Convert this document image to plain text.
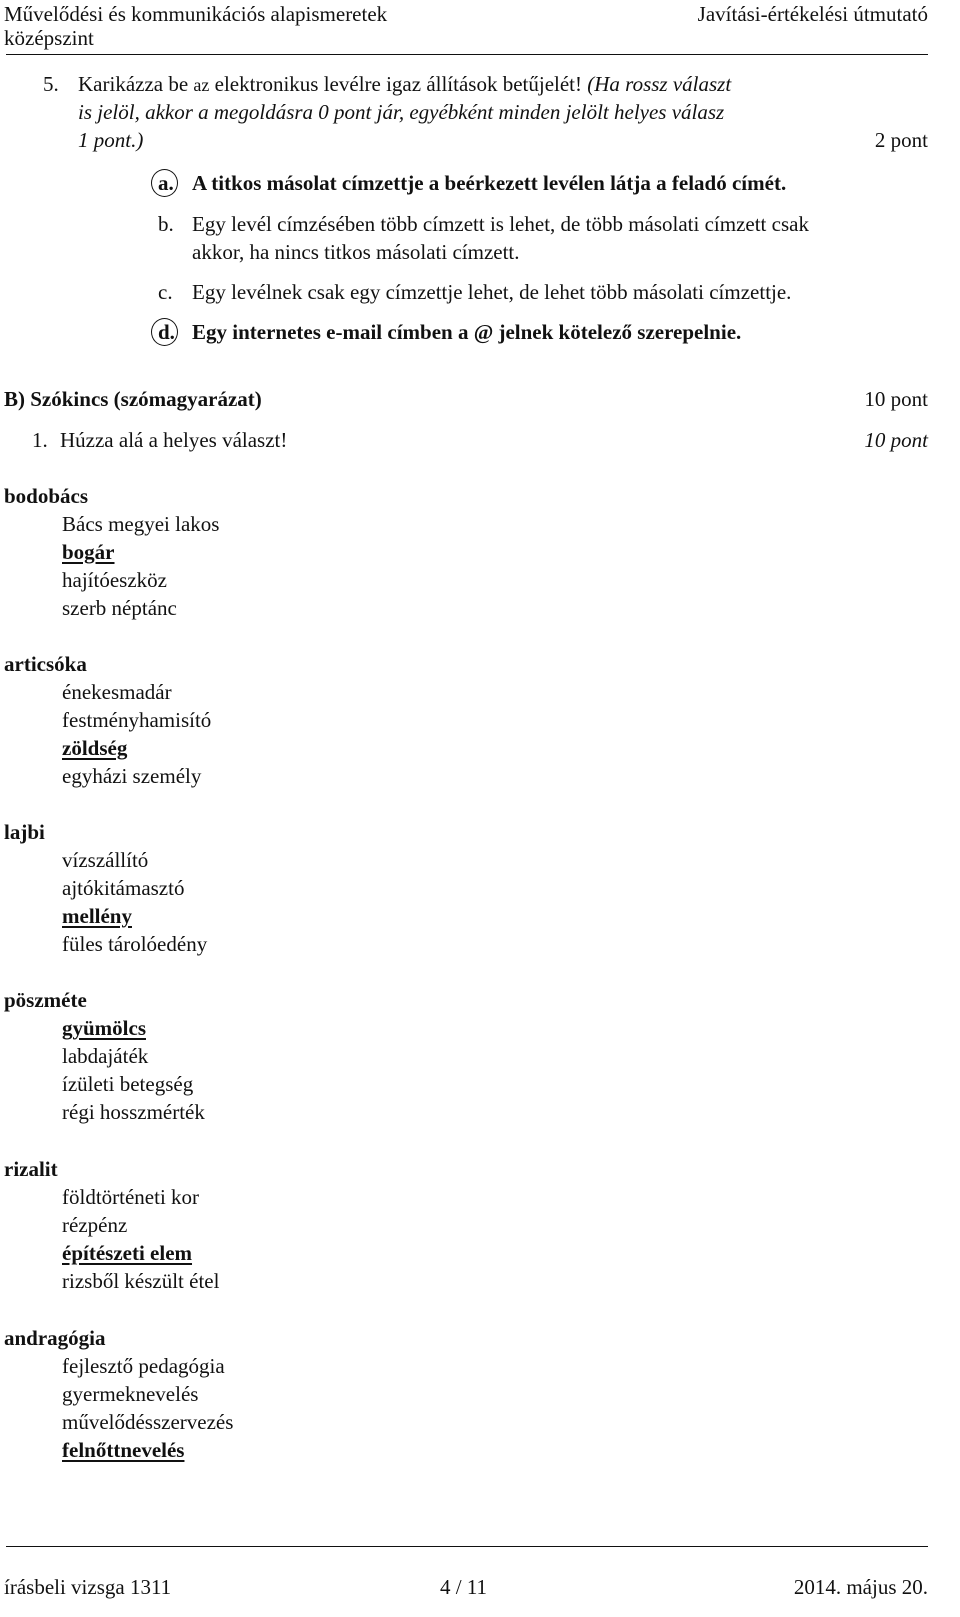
Művelődési és kommunikációs alapismeretek
középszint
Javítási-értékelési útmutató
5. Karikázza be az elektronikus levélre igaz állítások betűjelét! (Ha rossz választ
is jelöl, akkor a megoldásra 0 pont jár, egyébként minden jelölt helyes válasz
1 pont.)	2 pont
a. A titkos másolat címzettje a beérkezett levélen látja a feladó címét.
b. Egy levél címzésében több címzett is lehet, de több másolati címzett csak
akkor, ha nincs titkos másolati címzett.
c. Egy levélnek csak egy címzettje lehet, de lehet több másolati címzettje.
d. Egy internetes e-mail címben a @ jelnek kötelező szerepelnie.
B) Szókincs (szómagyarázat)	10 pont
1. Húzza alá a helyes választ!	10 pont
bodobács
Bács megyei lakos
bogár
hajítóeszköz
szerb néptánc
articsóka
énekesmadár
festményhamisító
zöldség
egyházi személy
lajbi
vízszállító
ajtókitámasztó
mellény
füles tárolóedény
pöszméte
gyümölcs
labdajáték
ízületi betegség
régi hosszmérték
rizalit
földtörténeti kor
rézpénz
építészeti elem
rizsből készült étel
andragógia
fejlesztő pedagógia
gyermeknevelés
művelődésszervezés
felnőttnevelés
írásbeli vizsga 1311	4 / 11	2014. május 20.
